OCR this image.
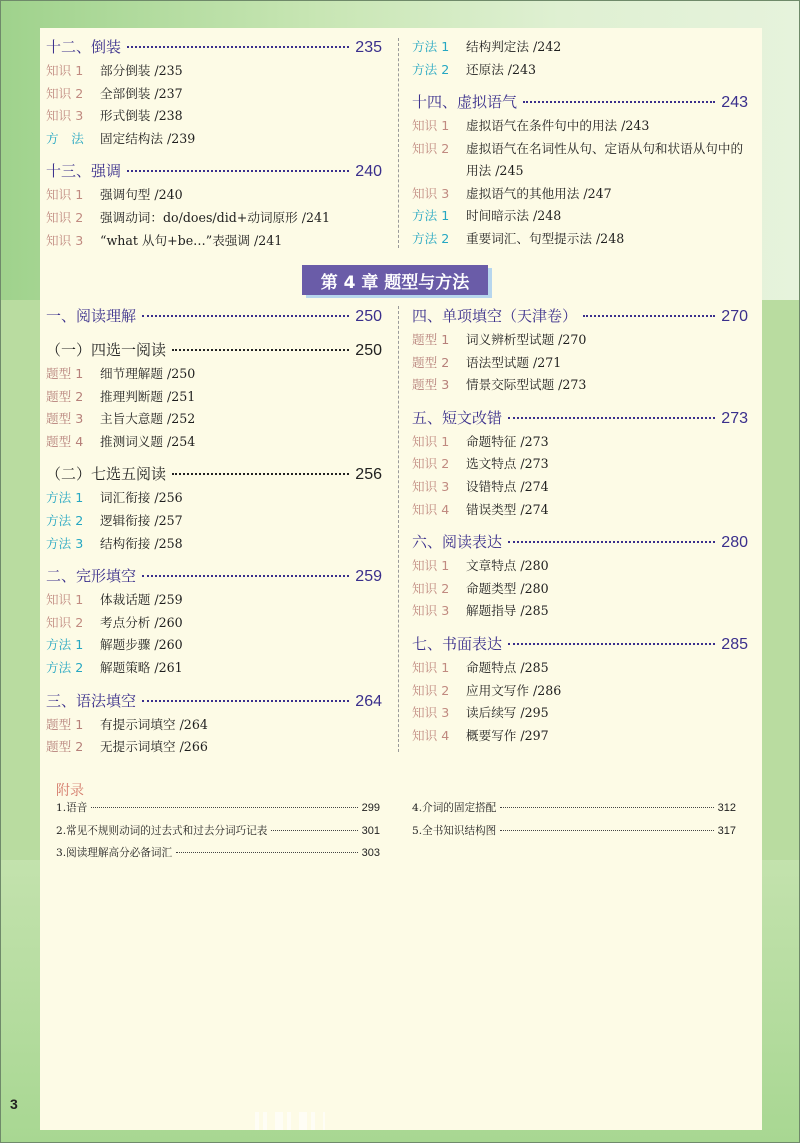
十二、倒装	235
知识 1	部分倒装 /235
知识 2	全部倒装 /237
知识 3	形式倒装 /238
方　法	固定结构法 /239
十三、强调	240
知识 1	强调句型 /240
知识 2	强调动词：do/does/did+动词原形 /241
知识 3	“what 从句+be…”表强调 /241
方法 1	结构判定法 /242
方法 2	还原法 /243
十四、虚拟语气	243
知识 1	虚拟语气在条件句中的用法 /243
知识 2	虚拟语气在名词性从句、定语从句和状语从句中的用法 /245
知识 3	虚拟语气的其他用法 /247
方法 1	时间暗示法 /248
方法 2	重要词汇、句型提示法 /248
第 4 章 题型与方法
一、阅读理解	250
（一）四选一阅读	250
题型 1	细节理解题 /250
题型 2	推理判断题 /251
题型 3	主旨大意题 /252
题型 4	推测词义题 /254
（二）七选五阅读	256
方法 1	词汇衔接 /256
方法 2	逻辑衔接 /257
方法 3	结构衔接 /258
二、完形填空	259
知识 1	体裁话题 /259
知识 2	考点分析 /260
方法 1	解题步骤 /260
方法 2	解题策略 /261
三、语法填空	264
题型 1	有提示词填空 /264
题型 2	无提示词填空 /266
四、单项填空（天津卷）	270
题型 1	词义辨析型试题 /270
题型 2	语法型试题 /271
题型 3	情景交际型试题 /273
五、短文改错	273
知识 1	命题特征 /273
知识 2	选文特点 /273
知识 3	设错特点 /274
知识 4	错误类型 /274
六、阅读表达	280
知识 1	文章特点 /280
知识 2	命题类型 /280
知识 3	解题指导 /285
七、书面表达	285
知识 1	命题特点 /285
知识 2	应用文写作 /286
知识 3	读后续写 /295
知识 4	概要写作 /297
附录
1.语音	299
2.常见不规则动词的过去式和过去分词巧记表	301
3.阅读理解高分必备词汇	303
4.介词的固定搭配	312
5.全书知识结构图	317
3
